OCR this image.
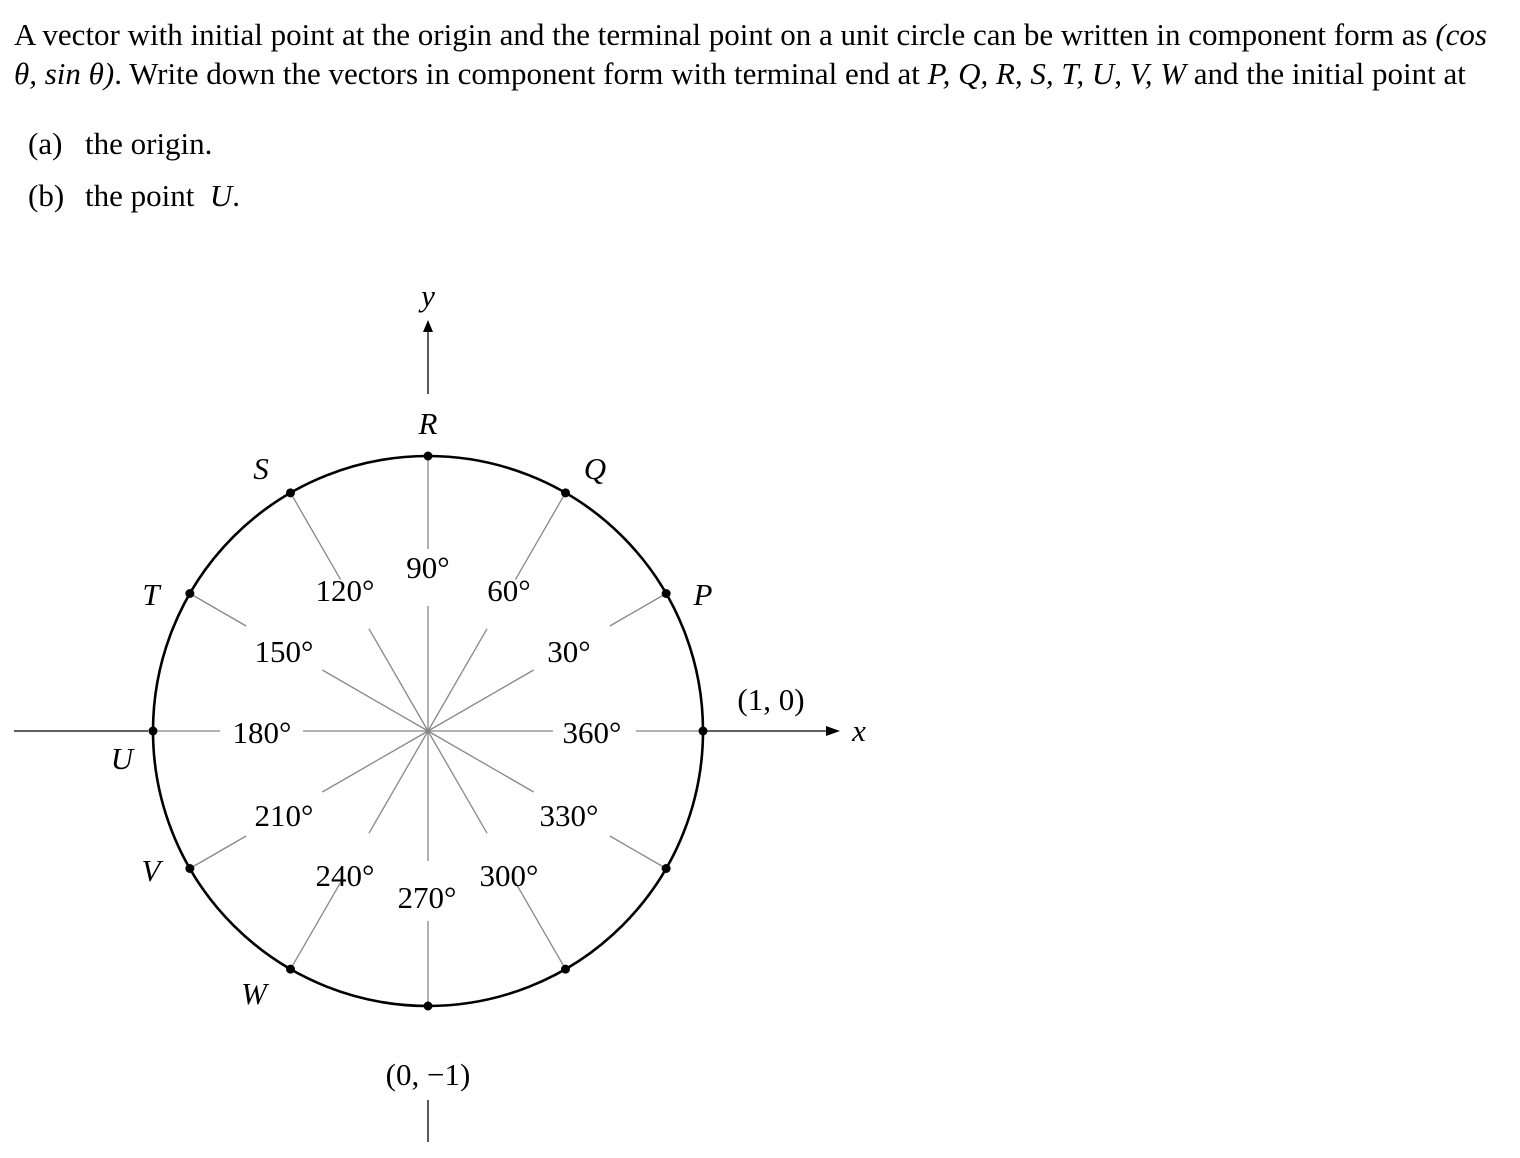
A vector with initial point at the origin and the terminal point on a unit circle can be written in component form as (cos θ, sin θ). Write down the vectors in component form with terminal end at P, Q, R, S, T, U, V, W and the initial point at

(a) the origin.
(b) the point  U.
x
y
(1, 0)
(0, −1)
30°
60°
90°
120°
150°
180°
210°
240°
270°
300°
330°
360°
P
Q
R
S
T
U
V
W
